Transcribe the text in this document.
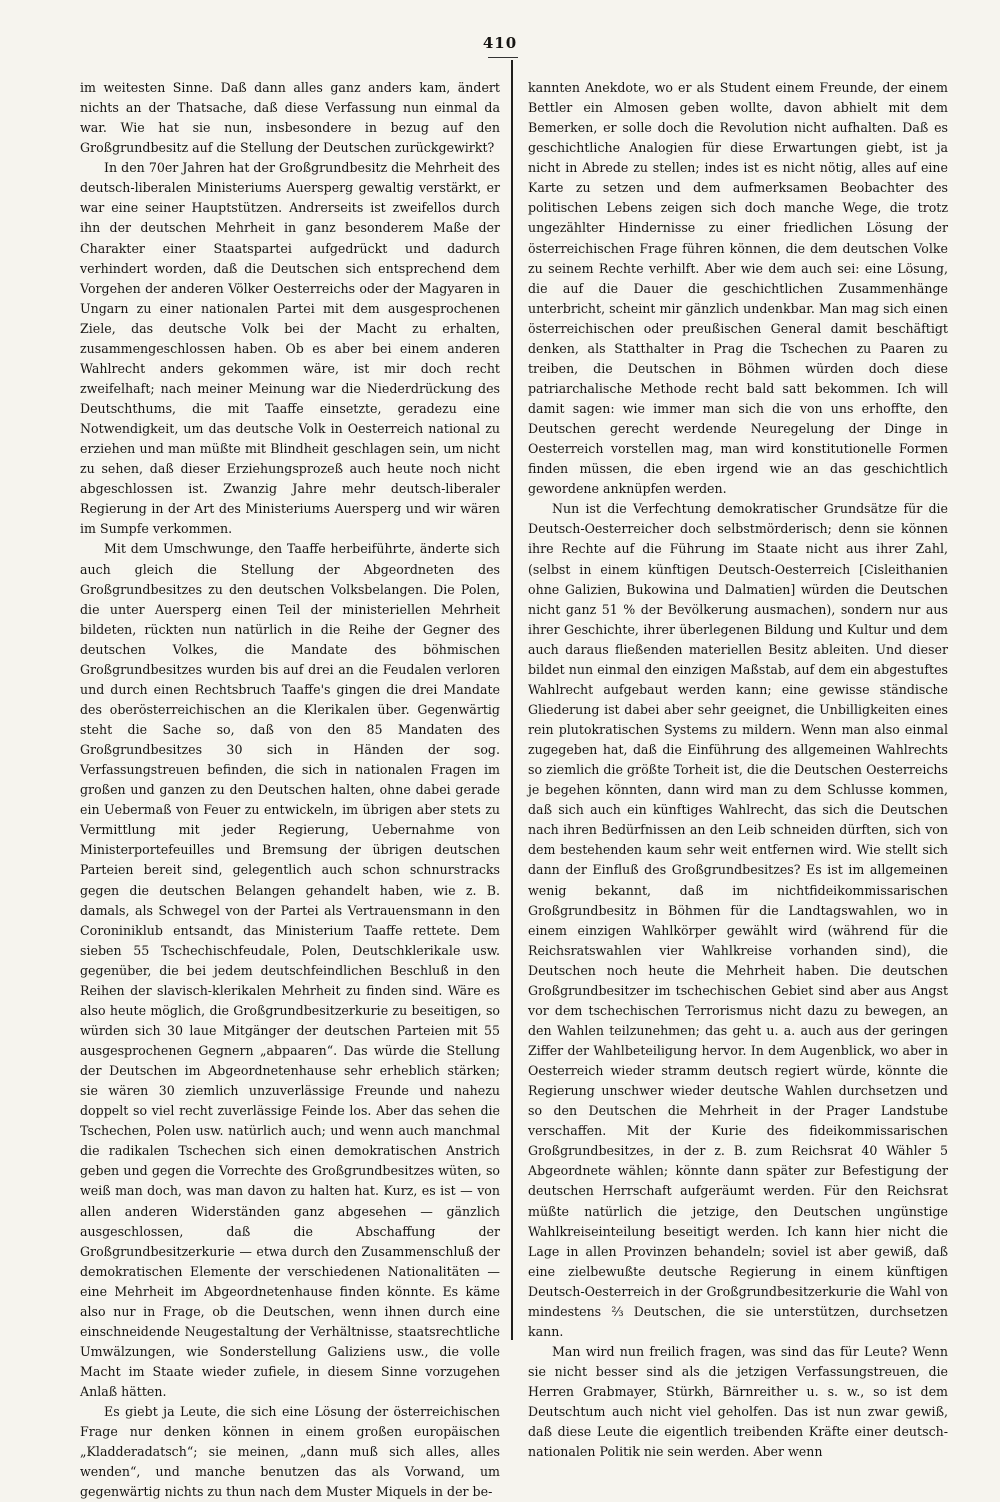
410

im weitesten Sinne. Daß dann alles ganz anders kam, ändert nichts an der Thatsache, daß diese Verfassung nun einmal da war. Wie hat sie nun, insbesondere in bezug auf den Großgrundbesitz auf die Stellung der Deutschen zurückgewirkt?

In den 70er Jahren hat der Großgrundbesitz die Mehrheit des deutsch-liberalen Ministeriums Auersperg gewaltig verstärkt, er war eine seiner Hauptstützen. Andrerseits ist zweifellos durch ihn der deutschen Mehrheit in ganz besonderem Maße der Charakter einer Staatspartei aufgedrückt und dadurch verhindert worden, daß die Deutschen sich entsprechend dem Vorgehen der anderen Völker Oesterreichs oder der Magyaren in Ungarn zu einer nationalen Partei mit dem ausgesprochenen Ziele, das deutsche Volk bei der Macht zu erhalten, zusammengeschlossen haben. Ob es aber bei einem anderen Wahlrecht anders gekommen wäre, ist mir doch recht zweifelhaft; nach meiner Meinung war die Niederdrückung des Deutschthums, die mit Taaffe einsetzte, geradezu eine Notwendigkeit, um das deutsche Volk in Oesterreich national zu erziehen und man müßte mit Blindheit geschlagen sein, um nicht zu sehen, daß dieser Erziehungsprozeß auch heute noch nicht abgeschlossen ist. Zwanzig Jahre mehr deutsch-liberaler Regierung in der Art des Ministeriums Auersperg und wir wären im Sumpfe verkommen.

Mit dem Umschwunge, den Taaffe herbeiführte, änderte sich auch gleich die Stellung der Abgeordneten des Großgrundbesitzes zu den deutschen Volksbelangen. Die Polen, die unter Auersperg einen Teil der ministeriellen Mehrheit bildeten, rückten nun natürlich in die Reihe der Gegner des deutschen Volkes, die Mandate des böhmischen Großgrundbesitzes wurden bis auf drei an die Feudalen verloren und durch einen Rechtsbruch Taaffe's gingen die drei Mandate des oberösterreichischen an die Klerikalen über. Gegenwärtig steht die Sache so, daß von den 85 Mandaten des Großgrundbesitzes 30 sich in Händen der sog. Verfassungstreuen befinden, die sich in nationalen Fragen im großen und ganzen zu den Deutschen halten, ohne dabei gerade ein Uebermaß von Feuer zu entwickeln, im übrigen aber stets zu Vermittlung mit jeder Regierung, Uebernahme von Ministerportefeuilles und Bremsung der übrigen deutschen Parteien bereit sind, gelegentlich auch schon schnurstracks gegen die deutschen Belangen gehandelt haben, wie z. B. damals, als Schwegel von der Partei als Vertrauensmann in den Coroniniklub entsandt, das Ministerium Taaffe rettete. Dem sieben 55 Tschechischfeudale, Polen, Deutschklerikale usw. gegenüber, die bei jedem deutschfeindlichen Beschluß in den Reihen der slavisch-klerikalen Mehrheit zu finden sind. Wäre es also heute möglich, die Großgrundbesitzerkurie zu beseitigen, so würden sich 30 laue Mitgänger der deutschen Parteien mit 55 ausgesprochenen Gegnern „abpaaren“. Das würde die Stellung der Deutschen im Abgeordnetenhause sehr erheblich stärken; sie wären 30 ziemlich unzuverlässige Freunde und nahezu doppelt so viel recht zuverlässige Feinde los. Aber das sehen die Tschechen, Polen usw. natürlich auch; und wenn auch manchmal die radikalen Tschechen sich einen demokratischen Anstrich geben und gegen die Vorrechte des Großgrundbesitzes wüten, so weiß man doch, was man davon zu halten hat. Kurz, es ist — von allen anderen Widerständen ganz abgesehen — gänzlich ausgeschlossen, daß die Abschaffung der Großgrundbesitzerkurie — etwa durch den Zusammenschluß der demokratischen Elemente der verschiedenen Nationalitäten — eine Mehrheit im Abgeordnetenhause finden könnte. Es käme also nur in Frage, ob die Deutschen, wenn ihnen durch eine einschneidende Neugestaltung der Verhältnisse, staatsrechtliche Umwälzungen, wie Sonderstellung Galiziens usw., die volle Macht im Staate wieder zufiele, in diesem Sinne vorzugehen Anlaß hätten.

Es giebt ja Leute, die sich eine Lösung der österreichischen Frage nur denken können in einem großen europäischen „Kladderadatsch“; sie meinen, „dann muß sich alles, alles wenden“, und manche benutzen das als Vorwand, um gegenwärtig nichts zu thun nach dem Muster Miquels in der be-

kannten Anekdote, wo er als Student einem Freunde, der einem Bettler ein Almosen geben wollte, davon abhielt mit dem Bemerken, er solle doch die Revolution nicht aufhalten. Daß es geschichtliche Analogien für diese Erwartungen giebt, ist ja nicht in Abrede zu stellen; indes ist es nicht nötig, alles auf eine Karte zu setzen und dem aufmerksamen Beobachter des politischen Lebens zeigen sich doch manche Wege, die trotz ungezählter Hindernisse zu einer friedlichen Lösung der österreichischen Frage führen können, die dem deutschen Volke zu seinem Rechte verhilft. Aber wie dem auch sei: eine Lösung, die auf die Dauer die geschichtlichen Zusammenhänge unterbricht, scheint mir gänzlich undenkbar. Man mag sich einen österreichischen oder preußischen General damit beschäftigt denken, als Statthalter in Prag die Tschechen zu Paaren zu treiben, die Deutschen in Böhmen würden doch diese patriarchalische Methode recht bald satt bekommen. Ich will damit sagen: wie immer man sich die von uns erhoffte, den Deutschen gerecht werdende Neuregelung der Dinge in Oesterreich vorstellen mag, man wird konstitutionelle Formen finden müssen, die eben irgend wie an das geschichtlich gewordene anknüpfen werden.

Nun ist die Verfechtung demokratischer Grundsätze für die Deutsch-Oesterreicher doch selbstmörderisch; denn sie können ihre Rechte auf die Führung im Staate nicht aus ihrer Zahl, (selbst in einem künftigen Deutsch-Oesterreich [Cisleithanien ohne Galizien, Bukowina und Dalmatien] würden die Deutschen nicht ganz 51 % der Bevölkerung ausmachen), sondern nur aus ihrer Geschichte, ihrer überlegenen Bildung und Kultur und dem auch daraus fließenden materiellen Besitz ableiten. Und dieser bildet nun einmal den einzigen Maßstab, auf dem ein abgestuftes Wahlrecht aufgebaut werden kann; eine gewisse ständische Gliederung ist dabei aber sehr geeignet, die Unbilligkeiten eines rein plutokratischen Systems zu mildern. Wenn man also einmal zugegeben hat, daß die Einführung des allgemeinen Wahlrechts so ziemlich die größte Torheit ist, die die Deutschen Oesterreichs je begehen könnten, dann wird man zu dem Schlusse kommen, daß sich auch ein künftiges Wahlrecht, das sich die Deutschen nach ihren Bedürfnissen an den Leib schneiden dürften, sich von dem bestehenden kaum sehr weit entfernen wird. Wie stellt sich dann der Einfluß des Großgrundbesitzes? Es ist im allgemeinen wenig bekannt, daß im nichtfideikommissarischen Großgrundbesitz in Böhmen für die Landtagswahlen, wo in einem einzigen Wahlkörper gewählt wird (während für die Reichsratswahlen vier Wahlkreise vorhanden sind), die Deutschen noch heute die Mehrheit haben. Die deutschen Großgrundbesitzer im tschechischen Gebiet sind aber aus Angst vor dem tschechischen Terrorismus nicht dazu zu bewegen, an den Wahlen teilzunehmen; das geht u. a. auch aus der geringen Ziffer der Wahlbeteiligung hervor. In dem Augenblick, wo aber in Oesterreich wieder stramm deutsch regiert würde, könnte die Regierung unschwer wieder deutsche Wahlen durchsetzen und so den Deutschen die Mehrheit in der Prager Landstube verschaffen. Mit der Kurie des fideikommissarischen Großgrundbesitzes, in der z. B. zum Reichsrat 40 Wähler 5 Abgeordnete wählen; könnte dann später zur Befestigung der deutschen Herrschaft aufgeräumt werden. Für den Reichsrat müßte natürlich die jetzige, den Deutschen ungünstige Wahlkreiseinteilung beseitigt werden. Ich kann hier nicht die Lage in allen Provinzen behandeln; soviel ist aber gewiß, daß eine zielbewußte deutsche Regierung in einem künftigen Deutsch-Oesterreich in der Großgrundbesitzerkurie die Wahl von mindestens ⅔ Deutschen, die sie unterstützen, durchsetzen kann.

Man wird nun freilich fragen, was sind das für Leute? Wenn sie nicht besser sind als die jetzigen Verfassungstreuen, die Herren Grabmayer, Stürkh, Bärnreither u. s. w., so ist dem Deutschtum auch nicht viel geholfen. Das ist nun zwar gewiß, daß diese Leute die eigentlich treibenden Kräfte einer deutsch-nationalen Politik nie sein werden. Aber wenn
